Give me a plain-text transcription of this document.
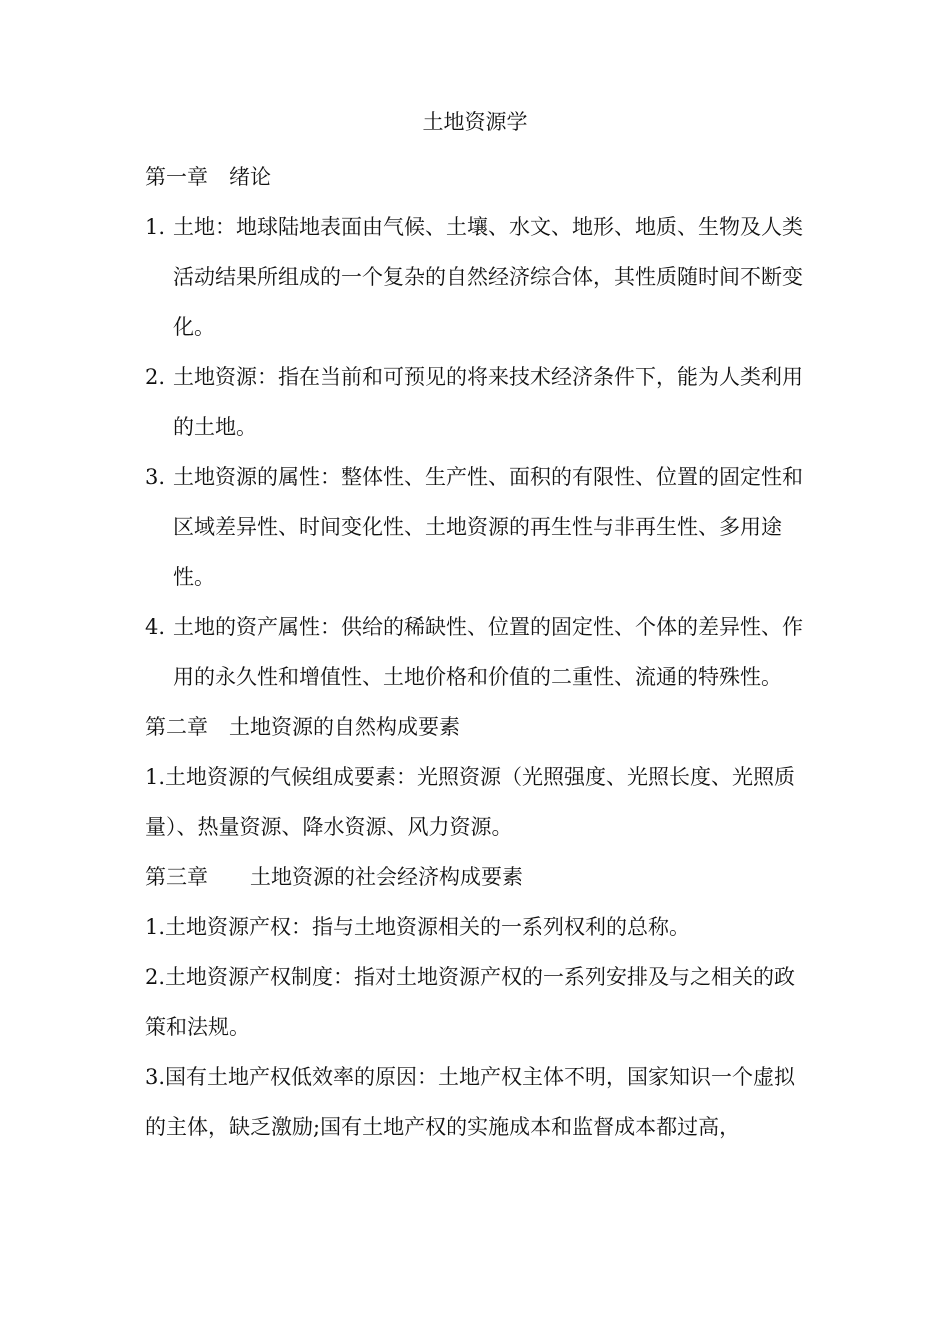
土地资源学
第一章　绪论
1. 土地：地球陆地表面由气候、土壤、水文、地形、地质、生物及人类活动结果所组成的一个复杂的自然经济综合体，其性质随时间不断变化。
2. 土地资源：指在当前和可预见的将来技术经济条件下，能为人类利用的土地。
3. 土地资源的属性：整体性、生产性、面积的有限性、位置的固定性和区域差异性、时间变化性、土地资源的再生性与非再生性、多用途性。
4. 土地的资产属性：供给的稀缺性、位置的固定性、个体的差异性、作用的永久性和增值性、土地价格和价值的二重性、流通的特殊性。
第二章　土地资源的自然构成要素

1.土地资源的气候组成要素：光照资源（光照强度、光照长度、光照质量）、热量资源、降水资源、风力资源。

第三章　　土地资源的社会经济构成要素

1.土地资源产权：指与土地资源相关的一系列权利的总称。

2.土地资源产权制度：指对土地资源产权的一系列安排及与之相关的政策和法规。

3.国有土地产权低效率的原因：土地产权主体不明，国家知识一个虚拟的主体，缺乏激励;国有土地产权的实施成本和监督成本都过高，
